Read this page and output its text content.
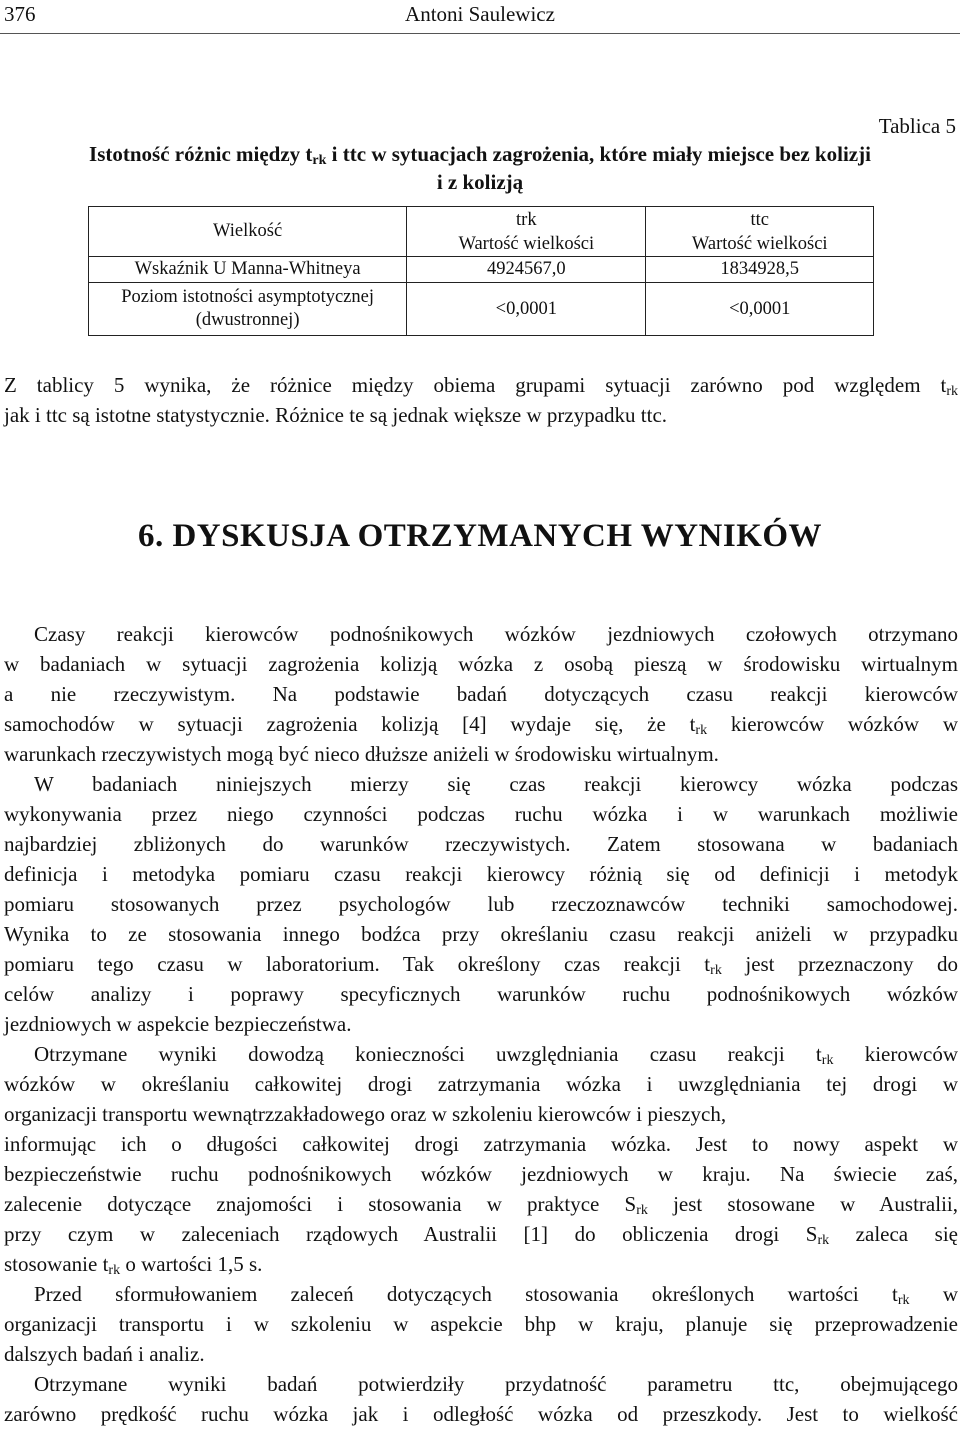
376	Antoni Saulewicz
Tablica 5
Istotność różnic między $t_{rk}$ i ttc w sytuacjach zagrożenia, które miały miejsce bez kolizji
i z kolizją
Wielkość	trk	ttc
	Wartość wielkości	Wartość wielkości
Wskaźnik U Manna-Whitneya	4924567,0	1834928,5
Poziom istotności asymptotycznej
(dwustronnej)	<0,0001	<0,0001
Z tablicy 5 wynika, że różnice między obiema grupami sytuacji zarówno pod względem $t_{rk}$
jak i ttc są istotne statystycznie. Różnice te są jednak większe w przypadku ttc.
6. DYSKUSJA OTRZYMANYCH WYNIKÓW
Czasy reakcji kierowców podnośnikowych wózków jezdniowych czołowych otrzymano
w badaniach w sytuacji zagrożenia kolizją wózka z osobą pieszą w środowisku wirtualnym
a nie rzeczywistym. Na podstawie badań dotyczących czasu reakcji kierowców
samochodów w sytuacji zagrożenia kolizją [4] wydaje się, że $t_{rk}$ kierowców wózków w
warunkach rzeczywistych mogą być nieco dłuższe aniżeli w środowisku wirtualnym.
W badaniach niniejszych mierzy się czas reakcji kierowcy wózka podczas
wykonywania przez niego czynności podczas ruchu wózka i w warunkach możliwie
najbardziej zbliżonych do warunków rzeczywistych. Zatem stosowana w badaniach
definicja i metodyka pomiaru czasu reakcji kierowcy różnią się od definicji i metodyk
pomiaru stosowanych przez psychologów lub rzeczoznawców techniki samochodowej.
Wynika to ze stosowania innego bodźca przy określaniu czasu reakcji aniżeli w przypadku
pomiaru tego czasu w laboratorium. Tak określony czas reakcji $t_{rk}$ jest przeznaczony do
celów analizy i poprawy specyficznych warunków ruchu podnośnikowych wózków
jezdniowych w aspekcie bezpieczeństwa.
Otrzymane wyniki dowodzą konieczności uwzględniania czasu reakcji $t_{rk}$ kierowców
wózków w określaniu całkowitej drogi zatrzymania wózka i uwzględniania tej drogi w
organizacji transportu wewnątrzzakładowego oraz w szkoleniu kierowców i pieszych,
informując ich o długości całkowitej drogi zatrzymania wózka. Jest to nowy aspekt w
bezpieczeństwie ruchu podnośnikowych wózków jezdniowych w kraju. Na świecie zaś,
zalecenie dotyczące znajomości i stosowania w praktyce $S_{rk}$ jest stosowane w Australii,
przy czym w zaleceniach rządowych Australii [1] do obliczenia drogi $S_{rk}$ zaleca się
stosowanie $t_{rk}$ o wartości 1,5 s.
Przed sformułowaniem zaleceń dotyczących stosowania określonych wartości $t_{rk}$ w
organizacji transportu i w szkoleniu w aspekcie bhp w kraju, planuje się przeprowadzenie
dalszych badań i analiz.
Otrzymane wyniki badań potwierdziły przydatność parametru ttc, obejmującego
zarówno prędkość ruchu wózka jak i odległość wózka od przeszkody. Jest to wielkość
